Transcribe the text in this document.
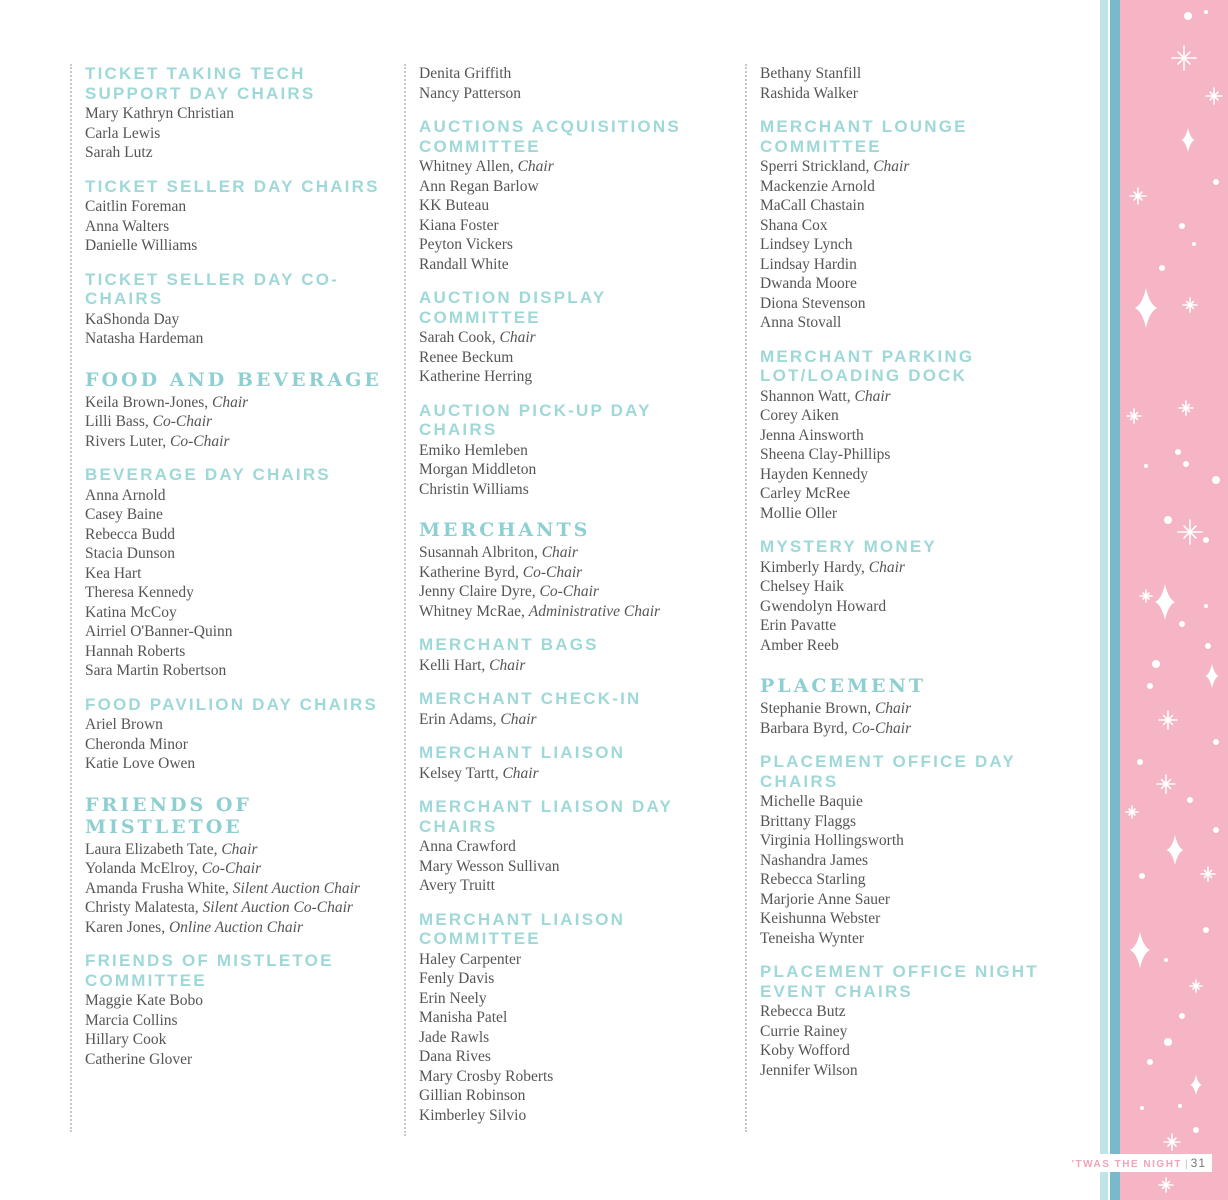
TICKET TAKING TECH SUPPORT DAY CHAIRS
Mary Kathryn Christian
Carla Lewis
Sarah Lutz
TICKET SELLER DAY CHAIRS
Caitlin Foreman
Anna Walters
Danielle Williams
TICKET SELLER DAY CO-CHAIRS
KaShonda Day
Natasha Hardeman
FOOD AND BEVERAGE
Keila Brown-Jones, Chair
Lilli Bass, Co-Chair
Rivers Luter, Co-Chair
BEVERAGE DAY CHAIRS
Anna Arnold
Casey Baine
Rebecca Budd
Stacia Dunson
Kea Hart
Theresa Kennedy
Katina McCoy
Airriel O'Banner-Quinn
Hannah Roberts
Sara Martin Robertson
FOOD PAVILION DAY CHAIRS
Ariel Brown
Cheronda Minor
Katie Love Owen
FRIENDS OF MISTLETOE
Laura Elizabeth Tate, Chair
Yolanda McElroy, Co-Chair
Amanda Frusha White, Silent Auction Chair
Christy Malatesta, Silent Auction Co-Chair
Karen Jones, Online Auction Chair
FRIENDS OF MISTLETOE COMMITTEE
Maggie Kate Bobo
Marcia Collins
Hillary Cook
Catherine Glover
Denita Griffith
Nancy Patterson
AUCTIONS ACQUISITIONS COMMITTEE
Whitney Allen, Chair
Ann Regan Barlow
KK Buteau
Kiana Foster
Peyton Vickers
Randall White
AUCTION DISPLAY COMMITTEE
Sarah Cook, Chair
Renee Beckum
Katherine Herring
AUCTION PICK-UP DAY CHAIRS
Emiko Hemleben
Morgan Middleton
Christin Williams
MERCHANTS
Susannah Albriton, Chair
Katherine Byrd, Co-Chair
Jenny Claire Dyre, Co-Chair
Whitney McRae, Administrative Chair
MERCHANT BAGS
Kelli Hart, Chair
MERCHANT CHECK-IN
Erin Adams, Chair
MERCHANT LIAISON
Kelsey Tartt, Chair
MERCHANT LIAISON DAY CHAIRS
Anna Crawford
Mary Wesson Sullivan
Avery Truitt
MERCHANT LIAISON COMMITTEE
Haley Carpenter
Fenly Davis
Erin Neely
Manisha Patel
Jade Rawls
Dana Rives
Mary Crosby Roberts
Gillian Robinson
Kimberley Silvio
Bethany Stanfill
Rashida Walker
MERCHANT LOUNGE COMMITTEE
Sperri Strickland, Chair
Mackenzie Arnold
MaCall Chastain
Shana Cox
Lindsey Lynch
Lindsay Hardin
Dwanda Moore
Diona Stevenson
Anna Stovall
MERCHANT PARKING LOT/LOADING DOCK
Shannon Watt, Chair
Corey Aiken
Jenna Ainsworth
Sheena Clay-Phillips
Hayden Kennedy
Carley McRee
Mollie Oller
MYSTERY MONEY
Kimberly Hardy, Chair
Chelsey Haik
Gwendolyn Howard
Erin Pavatte
Amber Reeb
PLACEMENT
Stephanie Brown, Chair
Barbara Byrd, Co-Chair
PLACEMENT OFFICE DAY CHAIRS
Michelle Baquie
Brittany Flaggs
Virginia Hollingsworth
Nashandra James
Rebecca Starling
Marjorie Anne Sauer
Keishunna Webster
Teneisha Wynter
PLACEMENT OFFICE NIGHT EVENT CHAIRS
Rebecca Butz
Currie Rainey
Koby Wofford
Jennifer Wilson
'TWAS THE NIGHT | 31
